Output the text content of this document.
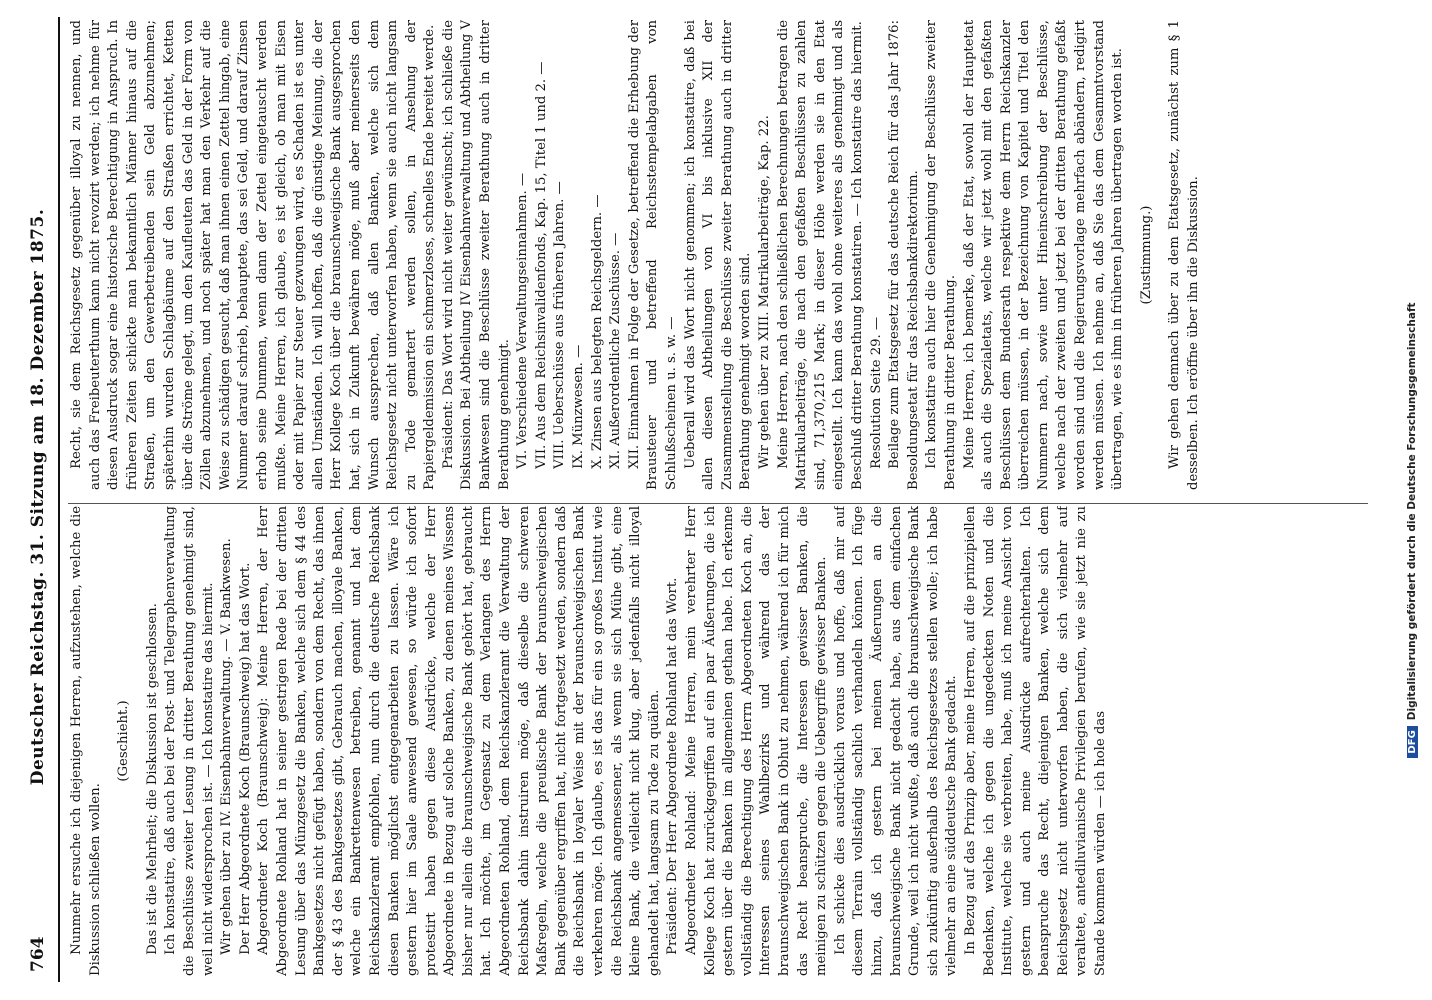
764
Deutscher Reichstag. 31. Sitzung am 18. Dezember 1875. Nunmehr ersuche ich diejenigen Herren, aufzustehen, welche die Diskussion schließen wollen.

(Geschieht.) Das ist die Mehrheit; die Diskussion ist geschlossen. Ich konstatire, daß auch bei der Post- und Telegraphenverwaltung die Beschlüsse zweiter Lesung in dritter Berathung genehmigt sind, weil nicht widersprochen ist. — Ich konstatire das hiermit. Wir gehen über zu IV. Eisenbahnverwaltung. — V. Bankwesen. Der Herr Abgeordnete Koch (Braunschweig) hat das Wort. Abgeordneter Koch (Braunschweig): Meine Herren, der Herr Abgeordnete Rohland hat in seiner gestrigen Rede bei der dritten Lesung über das Münzgesetz die Banken, welche sich dem § 44 des Bankgesetzes nicht gefügt haben, sondern von dem Recht, das ihnen der § 43 des Bankgesetzes gibt, Gebrauch machen, illoyale Banken, welche ein Bankrettenwesen betreiben, genannt und hat dem Reichskanzleramt empfohlen, nun durch die deutsche Reichsbank diesen Banken möglichst entgegenarbeiten zu lassen. Wäre ich gestern hier im Saale anwesend gewesen, so würde ich sofort protestirt haben gegen diese Ausdrücke, welche der Herr Abgeordnete in Bezug auf solche Banken, zu denen meines Wissens bisher nur allein die braunschweigische Bank gehört hat, gebraucht hat. Ich möchte, im Gegensatz zu dem Verlangen des Herrn Abgeordneten Rohland, dem Reichskanzleramt die Verwaltung der Reichsbank dahin instruiren möge, daß dieselbe die schweren Maßregeln, welche die preußische Bank der braunschweigischen Bank gegenüber ergriffen hat, nicht fortgesetzt werden, sondern daß die Reichsbank in loyaler Weise mit der braunschweigischen Bank verkehren möge. Ich glaube, es ist das für ein so großes Institut wie die Reichsbank angemessener, als wenn sie sich Mühe gibt, eine kleine Bank, die vielleicht nicht klug, aber jedenfalls nicht illoyal gehandelt hat, langsam zu Tode zu quälen. Präsident: Der Herr Abgeordnete Rohland hat das Wort. Abgeordneter Rohland: Meine Herren, mein verehrter Herr Kollege Koch hat zurückgegriffen auf ein paar Äußerungen, die ich gestern über die Banken im allgemeinen gethan habe. Ich erkenne vollständig die Berechtigung des Herrn Abgeordneten Koch an, die Interessen seines Wahlbezirks und während das der braunschweigischen Bank in Obhut zu nehmen, während ich für mich das Recht beanspruche, die Interessen gewisser Banken, die meinigen zu schützen gegen die Uebergriffe gewisser Banken. Ich schicke dies ausdrücklich voraus und hoffe, daß mir auf diesem Terrain vollständig sachlich verhandeln können. Ich füge hinzu, daß ich gestern bei meinen Äußerungen an die braunschweigische Bank nicht gedacht habe, aus dem einfachen Grunde, weil ich nicht wußte, daß auch die braunschweigische Bank sich zukünftig außerhalb des Reichsgesetzes stellen wolle; ich habe vielmehr an eine süddeutsche Bank gedacht. In Bezug auf das Prinzip aber, meine Herren, auf die prinzipiellen Bedenken, welche ich gegen die ungedeckten Noten und die Institute, welche sie verbreiten, habe, muß ich meine Ansicht von gestern und auch meine Ausdrücke aufrechterhalten. Ich beanspruche das Recht, diejenigen Banken, welche sich dem Reichsgesetz nicht unterworfen haben, die sich vielmehr auf veraltete, antediluvianische Privilegien berufen, wie sie jetzt nie zu Stande kommen würden — ich hole das

Recht, sie dem Reichsgesetz gegenüber illoyal zu nennen, und auch das Freibeuterthum kann nicht revozirt werden; ich nehme für diesen Ausdruck sogar eine historische Berechtigung in Anspruch. In früheren Zeiten schickte man bekanntlich Männer hinaus auf die Straßen, um den Gewerbetreibenden sein Geld abzunehmen; späterhin wurden Schlagbäume auf den Straßen errichtet, Ketten über die Ströme gelegt, um den Kaufleuten das Geld in der Form von Zöllen abzunehmen, und noch später hat man den Verkehr auf die Weise zu schädigen gesucht, daß man ihnen einen Zettel hingab, eine Nummer darauf schrieb, behauptete, das sei Geld, und darauf Zinsen erhob seine Dummen, wenn dann der Zettel eingetauscht werden mußte. Meine Herren, ich glaube, es ist gleich, ob man mit Eisen oder mit Papier zur Steuer gezwungen wird, es Schaden ist es unter allen Umständen. Ich will hoffen, daß die günstige Meinung, die der Herr Kollege Koch über die braunschweigische Bank ausgesprochen hat, sich in Zukunft bewähren möge, muß aber meinerseits den Wunsch aussprechen, daß allen Banken, welche sich dem Reichsgesetz nicht unterworfen haben, wenn sie auch nicht langsam zu Tode gemartert werden sollen, in Ansehung der Papiergeldemission ein schmerzloses, schnelles Ende bereitet werde. Präsident: Das Wort wird nicht weiter gewünscht; ich schließe die Diskussion. Bei Abtheilung IV Eisenbahnverwaltung und Abtheilung V Bankwesen sind die Beschlüsse zweiter Berathung auch in dritter Berathung genehmigt. VI. Verschiedene Verwaltungseinnahmen. — VII. Aus dem Reichsinvalidenfonds, Kap. 15, Titel 1 und 2. — VIII. Ueberschüsse aus früheren Jahren. — IX. Münzwesen. — X. Zinsen aus belegten Reichsgeldern. — XI. Außerordentliche Zuschüsse. — XII. Einnahmen in Folge der Gesetze, betreffend die Erhebung der Brausteuer und betreffend Reichsstempelabgaben von Schlußscheinen u. s. w. — Ueberall wird das Wort nicht genommen; ich konstatire, daß bei allen diesen Abtheilungen von VI bis inklusive XII der Zusammenstellung die Beschlüsse zweiter Berathung auch in dritter Berathung genehmigt worden sind. Wir gehen über zu XIII. Matrikularbeiträge, Kap. 22. Meine Herren, nach den schließlichen Berechnungen betragen die Matrikularbeiträge, die nach den gefaßten Beschlüssen zu zahlen sind, 71,370,215 Mark; in dieser Höhe werden sie in den Etat eingestellt. Ich kann das wohl ohne weiteres als genehmigt und als Beschluß dritter Berathung konstatiren. — Ich konstatire das hiermit. Resolution Seite 29. — Beilage zum Etatsgesetz für das deutsche Reich für das Jahr 1876: Besoldungsetat für das Reichsbankdirektorium. Ich konstatire auch hier die Genehmigung der Beschlüsse zweiter Berathung in dritter Berathung. Meine Herren, ich bemerke, daß der Etat, sowohl der Hauptetat als auch die Spezialetats, welche wir jetzt wohl mit den gefaßten Beschlüssen dem Bundesrath respektive dem Herrn Reichskanzler überreichen müssen, in der Bezeichnung von Kapitel und Titel den Nummern nach, sowie unter Hineinschreibung der Beschlüsse, welche nach der zweiten und jetzt bei der dritten Berathung gefaßt worden sind und die Regierungsvorlage mehrfach abändern, redigirt werden müssen. Ich nehme an, daß Sie das dem Gesammtvorstand übertragen, wie es ihm in früheren Jahren übertragen worden ist. (Zustimmung.) Wir gehen demnach über zu dem Etatsgesetz, zunächst zum § 1 desselben. Ich eröffne über ihn die Diskussion.

DFGDigitalisierung gefördert durch die Deutsche Forschungsgemeinschaft
